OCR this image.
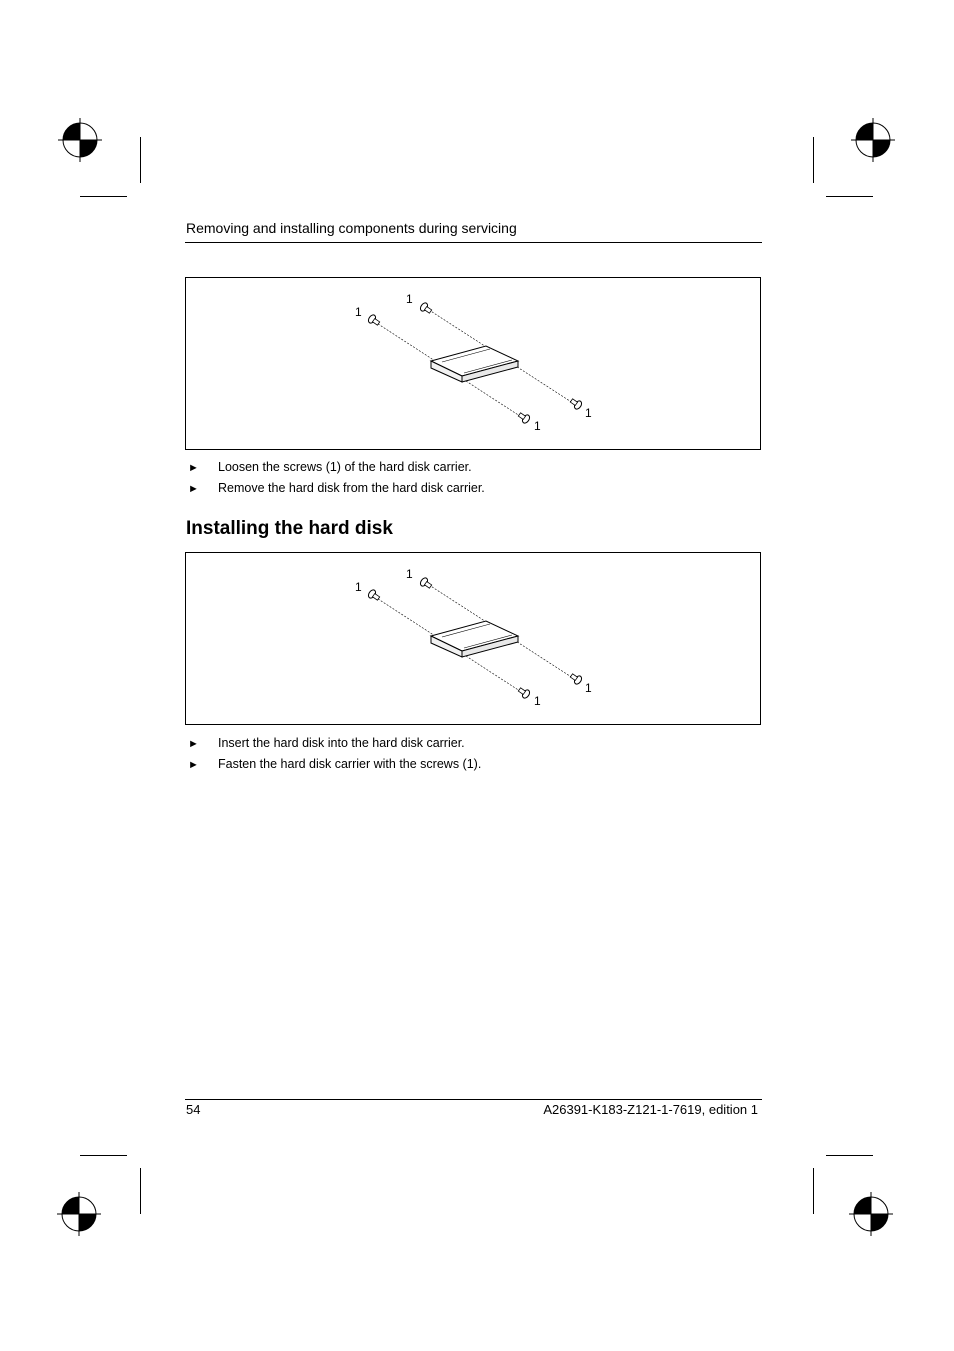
Removing and installing components during servicing
1
1
1
1
►	Loosen the screws (1) of the hard disk carrier.
►	Remove the hard disk from the hard disk carrier.
Installing the hard disk
1
1
1
1
►	Insert the hard disk into the hard disk carrier.
►	Fasten the hard disk carrier with the screws (1).
54	A26391-K183-Z121-1-7619, edition 1
